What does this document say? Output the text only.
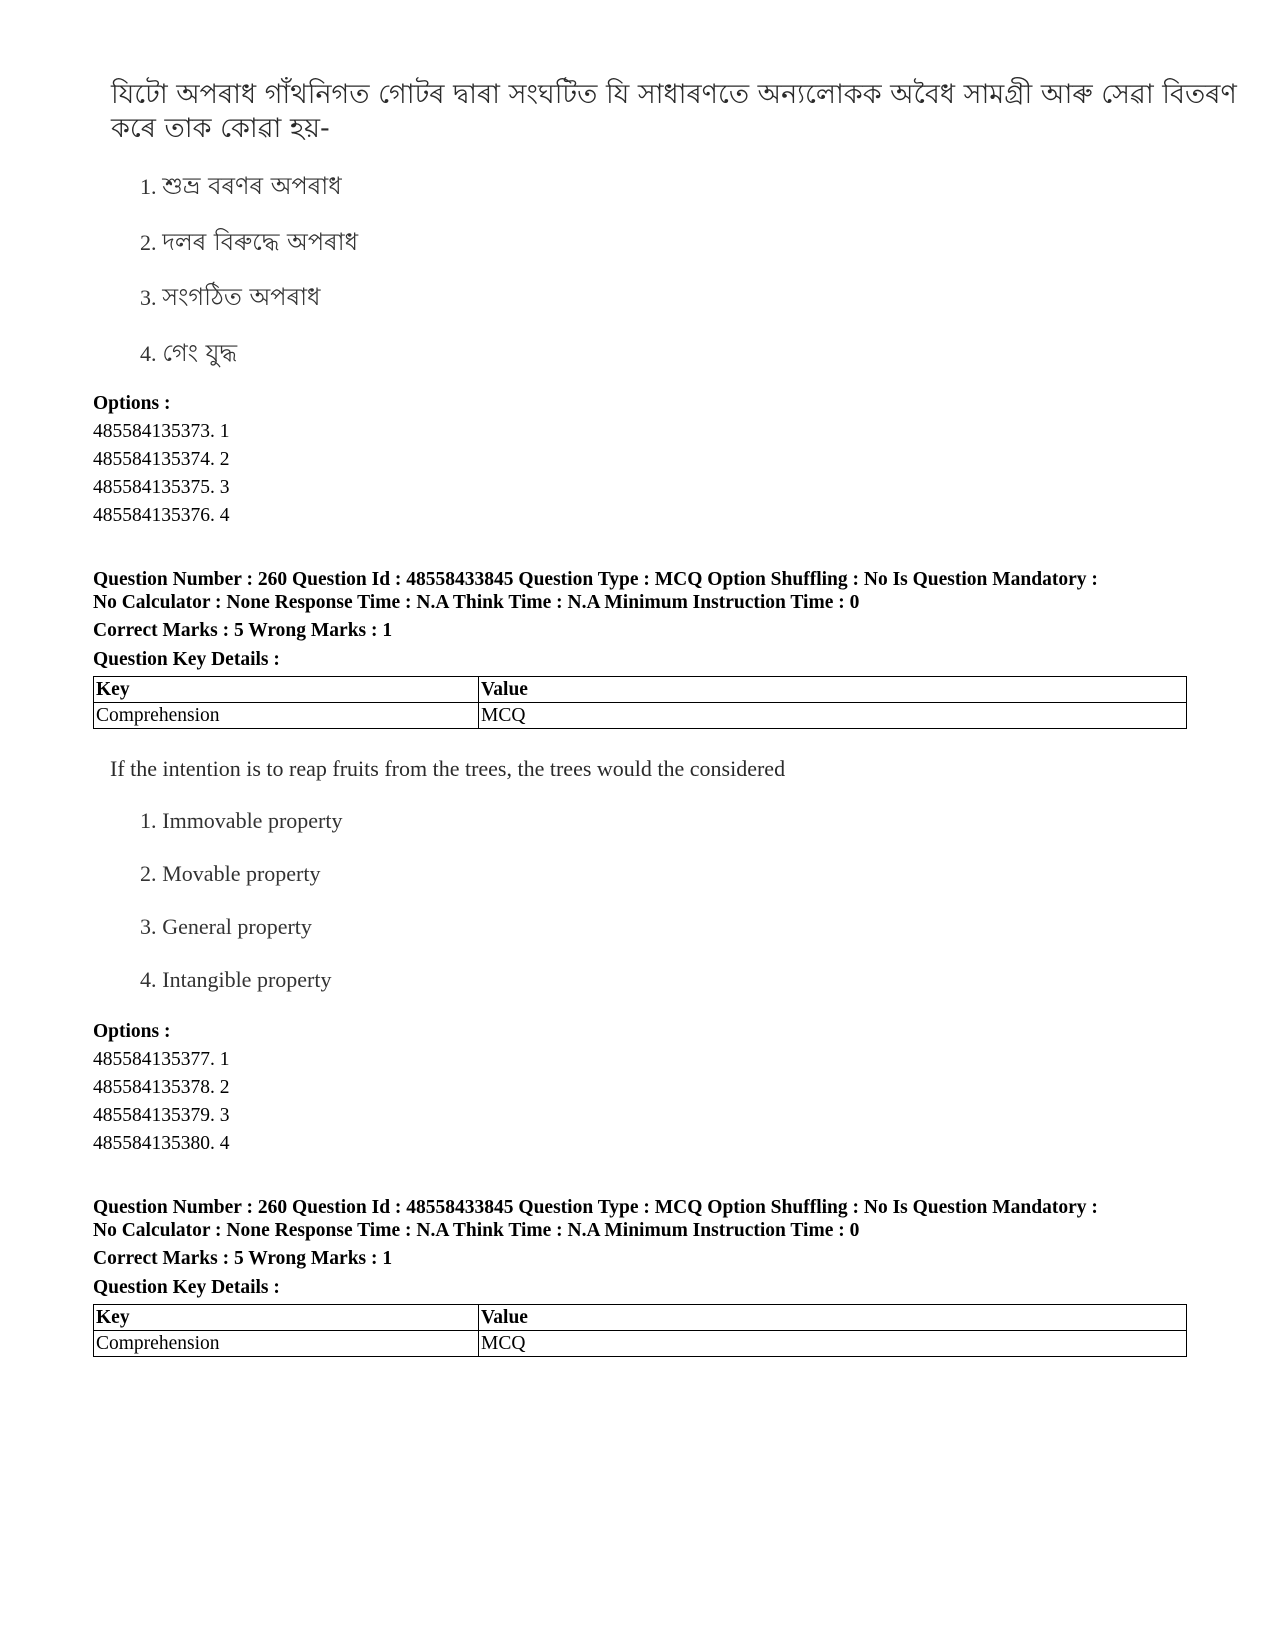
যিটো অপৰাধ গাঁথনিগত গোটৰ দ্বাৰা সংঘটিত যি সাধাৰণতে অন্যলোকক অবৈধ সামগ্ৰী আৰু সেৱা বিতৰণ
কৰে তাক কোৱা হয়-
1. শুভ্ৰ বৰণৰ অপৰাধ
2. দলৰ বিৰুদ্ধে অপৰাধ
3. সংগঠিত অপৰাধ
4. গেং যুদ্ধ
Options :
485584135373. 1
485584135374. 2
485584135375. 3
485584135376. 4
Question Number : 260 Question Id : 48558433845 Question Type : MCQ Option Shuffling : No Is Question Mandatory :
No Calculator : None Response Time : N.A Think Time : N.A Minimum Instruction Time : 0
Correct Marks : 5 Wrong Marks : 1
Question Key Details :
Key	Value
Comprehension	MCQ
If the intention is to reap fruits from the trees, the trees would the considered
1. Immovable property
2. Movable property
3. General property
4. Intangible property
Options :
485584135377. 1
485584135378. 2
485584135379. 3
485584135380. 4
Question Number : 260 Question Id : 48558433845 Question Type : MCQ Option Shuffling : No Is Question Mandatory :
No Calculator : None Response Time : N.A Think Time : N.A Minimum Instruction Time : 0
Correct Marks : 5 Wrong Marks : 1
Question Key Details :
Key	Value
Comprehension	MCQ
